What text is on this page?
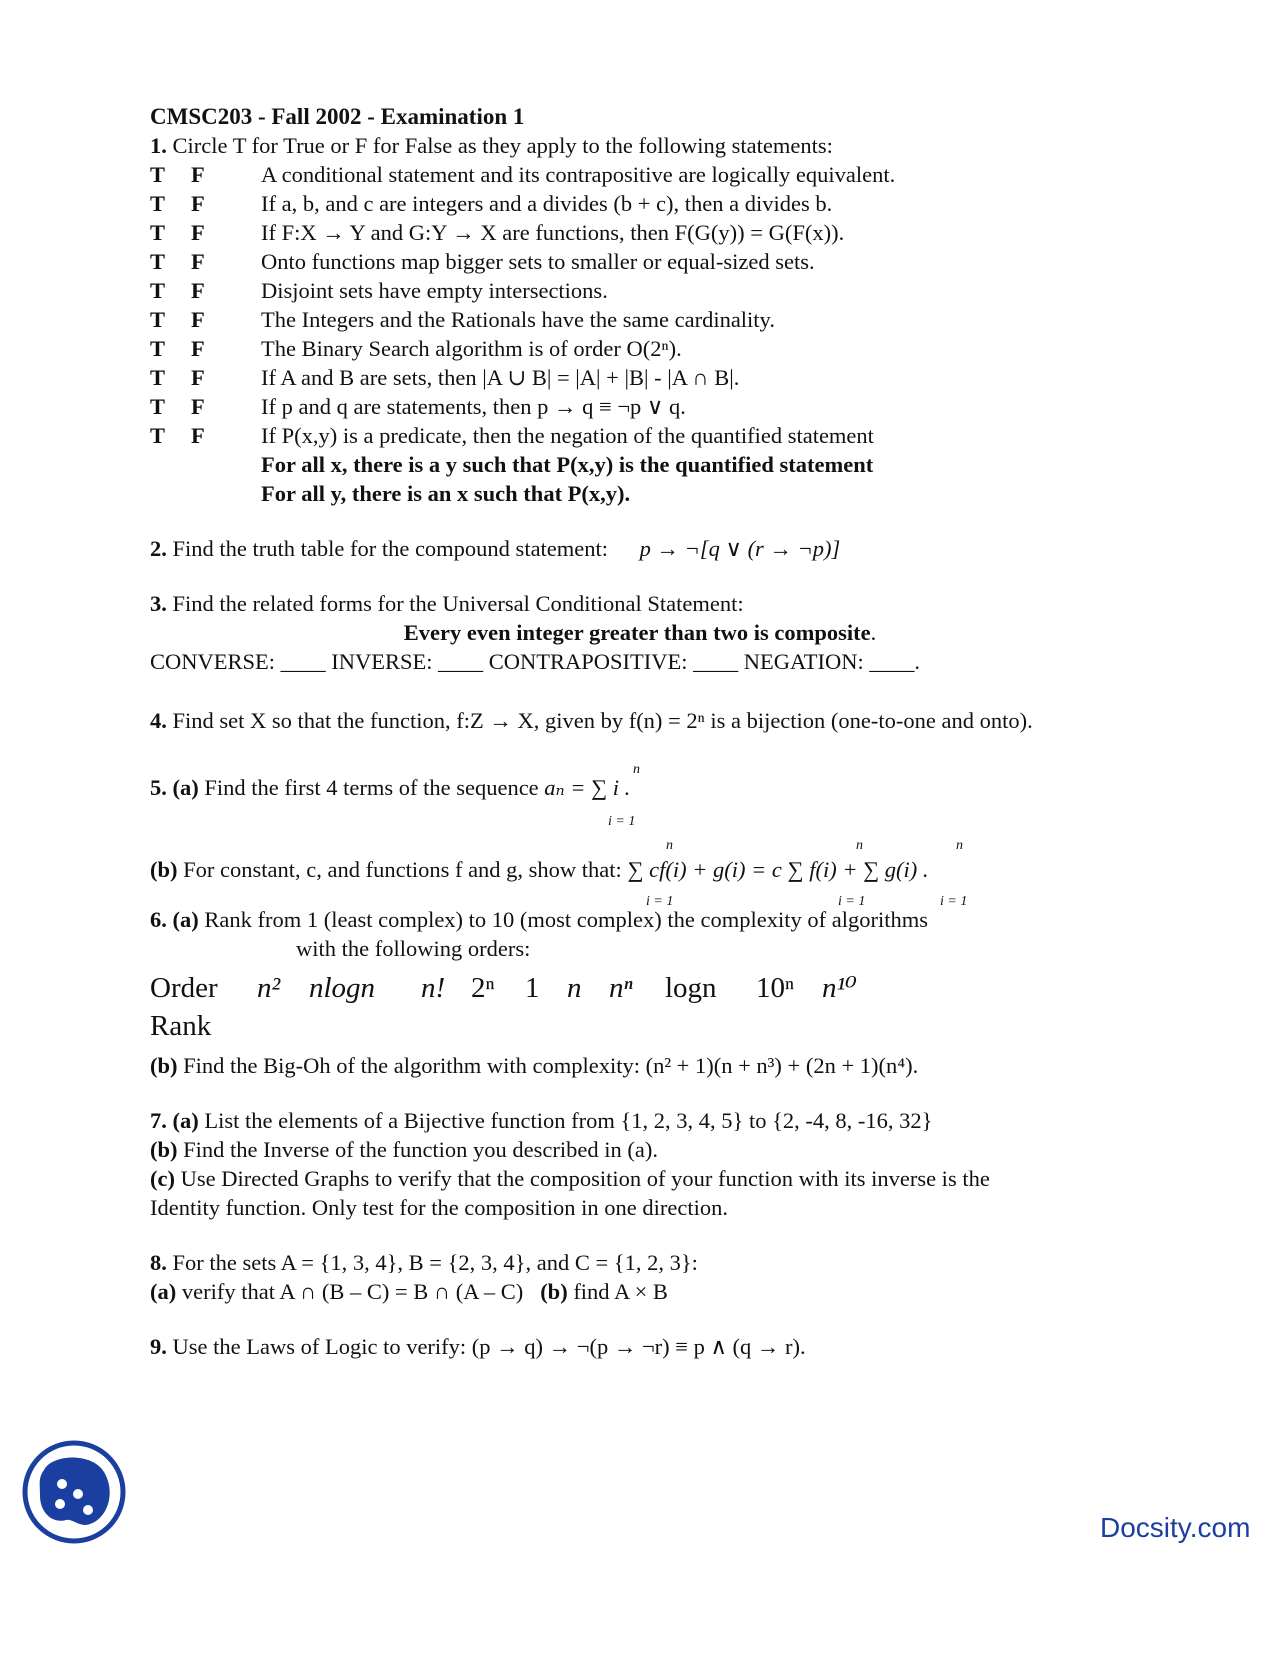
CMSC203 - Fall 2002 - Examination 1
1. Circle T for True or F for False as they apply to the following statements:
T	F	A conditional statement and its contrapositive are logically equivalent.
T	F	If a, b, and c are integers and a divides (b + c), then a divides b.
T	F	If F:X → Y and G:Y → X are functions, then F(G(y)) = G(F(x)).
T	F	Onto functions map bigger sets to smaller or equal-sized sets.
T	F	Disjoint sets have empty intersections.
T	F	The Integers and the Rationals have the same cardinality.
T	F	The Binary Search algorithm is of order O(2ⁿ).
T	F	If A and B are sets, then |A ∪ B| = |A| + |B| - |A ∩ B|.
T	F	If p and q are statements, then p → q ≡ ¬p ∨ q.
T	F	If P(x,y) is a predicate, then the negation of the quantified statement
For all x, there is a y such that P(x,y) is the quantified statement
For all y, there is an x such that P(x,y).
2. Find the truth table for the compound statement: p → ¬[q ∨ (r → ¬p)]
3. Find the related forms for the Universal Conditional Statement:
Every even integer greater than two is composite.
CONVERSE: ____ INVERSE: ____ CONTRAPOSITIVE: ____ NEGATION: ____.
4. Find set X so that the function, f:Z → X, given by f(n) = 2ⁿ is a bijection (one-to-one and onto).
5. (a) Find the first 4 terms of the sequence aₙ = ∑ i .
n
i = 1
(b) For constant, c, and functions f and g, show that: ∑ cf(i) + g(i) = c ∑ f(i) + ∑ g(i) .
n	n	n
i = 1	i = 1	i = 1
6. (a) Rank from 1 (least complex) to 10 (most complex) the complexity of algorithms
with the following orders:
Order	n² nlogn	n! 2ⁿ	1 n nⁿ	logn	10ⁿ n¹⁰
Rank
(b) Find the Big-Oh of the algorithm with complexity: (n² + 1)(n + n³) + (2n + 1)(n⁴).
7. (a) List the elements of a Bijective function from {1, 2, 3, 4, 5} to {2, -4, 8, -16, 32}
(b) Find the Inverse of the function you described in (a).
(c) Use Directed Graphs to verify that the composition of your function with its inverse is the
Identity function. Only test for the composition in one direction.
8. For the sets A = {1, 3, 4}, B = {2, 3, 4}, and C = {1, 2, 3}:
(a) verify that A ∩ (B – C) = B ∩ (A – C) (b) find A × B
9. Use the Laws of Logic to verify: (p → q) → ¬(p → ¬r) ≡ p ∧ (q → r).
Docsity.com
